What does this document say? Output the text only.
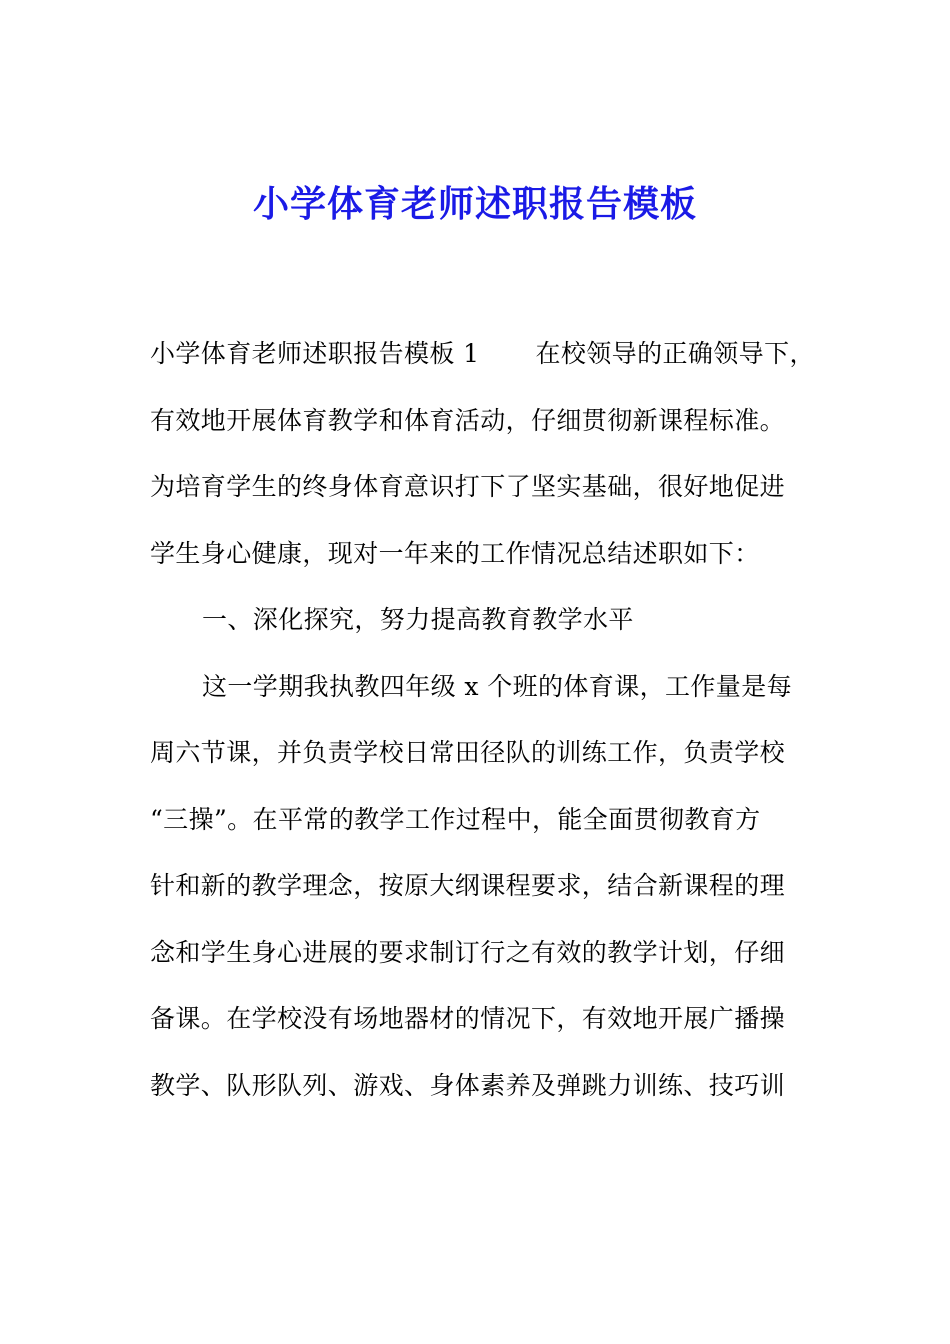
小学体育老师述职报告模板
小学体育老师述职报告模板 1 在校领导的正确领导下，
有效地开展体育教学和体育活动，仔细贯彻新课程标准。
为培育学生的终身体育意识打下了坚实基础，很好地促进
学生身心健康，现对一年来的工作情况总结述职如下：
一、深化探究，努力提高教育教学水平
这一学期我执教四年级 x 个班的体育课，工作量是每
周六节课，并负责学校日常田径队的训练工作，负责学校
“三操”。在平常的教学工作过程中，能全面贯彻教育方
针和新的教学理念，按原大纲课程要求，结合新课程的理
念和学生身心进展的要求制订行之有效的教学计划，仔细
备课。在学校没有场地器材的情况下，有效地开展广播操
教学、队形队列、游戏、身体素养及弹跳力训练、技巧训
